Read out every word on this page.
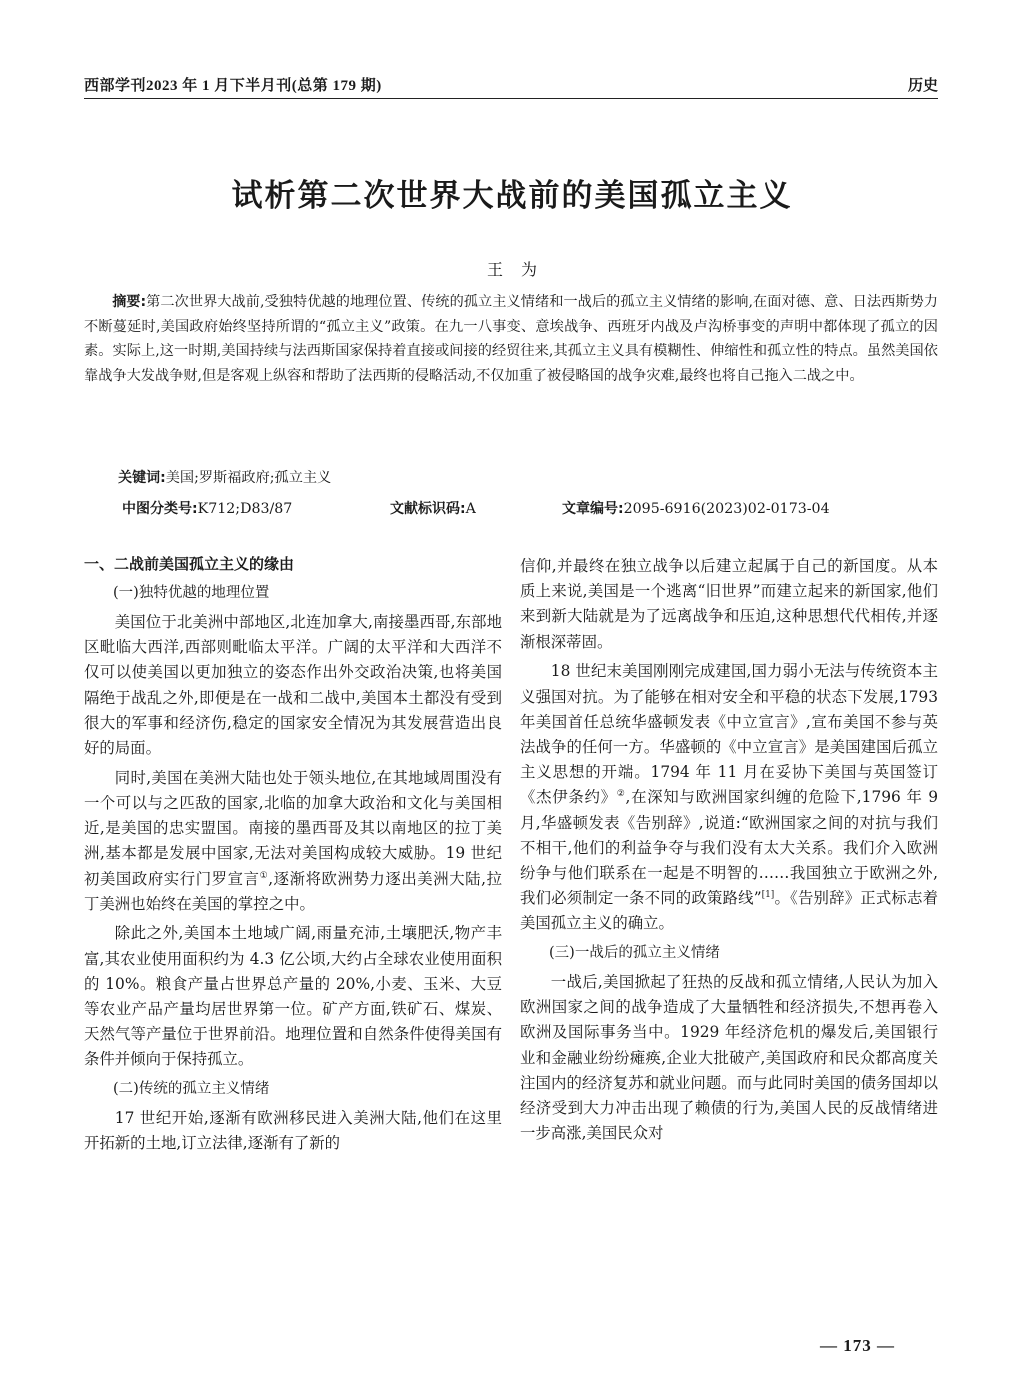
西部学刊2023 年 1 月下半月刊(总第 179 期)	历史
试析第二次世界大战前的美国孤立主义
王为
摘要:第二次世界大战前,受独特优越的地理位置、传统的孤立主义情绪和一战后的孤立主义情绪的影响,在面对德、意、日法西斯势力不断蔓延时,美国政府始终坚持所谓的“孤立主义”政策。在九一八事变、意埃战争、西班牙内战及卢沟桥事变的声明中都体现了孤立的因素。实际上,这一时期,美国持续与法西斯国家保持着直接或间接的经贸往来,其孤立主义具有模糊性、伸缩性和孤立性的特点。虽然美国依靠战争大发战争财,但是客观上纵容和帮助了法西斯的侵略活动,不仅加重了被侵略国的战争灾难,最终也将自己拖入二战之中。
关键词:美国;罗斯福政府;孤立主义
中图分类号:K712;D83/87	文献标识码:A	文章编号:2095-6916(2023)02-0173-04
一、二战前美国孤立主义的缘由
(一)独特优越的地理位置

美国位于北美洲中部地区,北连加拿大,南接墨西哥,东部地区毗临大西洋,西部则毗临太平洋。广阔的太平洋和大西洋不仅可以使美国以更加独立的姿态作出外交政治决策,也将美国隔绝于战乱之外,即便是在一战和二战中,美国本土都没有受到很大的军事和经济伤,稳定的国家安全情况为其发展营造出良好的局面。

同时,美国在美洲大陆也处于领头地位,在其地域周围没有一个可以与之匹敌的国家,北临的加拿大政治和文化与美国相近,是美国的忠实盟国。南接的墨西哥及其以南地区的拉丁美洲,基本都是发展中国家,无法对美国构成较大威胁。19 世纪初美国政府实行门罗宣言①,逐渐将欧洲势力逐出美洲大陆,拉丁美洲也始终在美国的掌控之中。

除此之外,美国本土地域广阔,雨量充沛,土壤肥沃,物产丰富,其农业使用面积约为 4.3 亿公顷,大约占全球农业使用面积的 10%。粮食产量占世界总产量的 20%,小麦、玉米、大豆等农业产品产量均居世界第一位。矿产方面,铁矿石、煤炭、天然气等产量位于世界前沿。地理位置和自然条件使得美国有条件并倾向于保持孤立。

(二)传统的孤立主义情绪

17 世纪开始,逐渐有欧洲移民进入美洲大陆,他们在这里开拓新的土地,订立法律,逐渐有了新的

信仰,并最终在独立战争以后建立起属于自己的新国度。从本质上来说,美国是一个逃离“旧世界”而建立起来的新国家,他们来到新大陆就是为了远离战争和压迫,这种思想代代相传,并逐渐根深蒂固。

18 世纪末美国刚刚完成建国,国力弱小无法与传统资本主义强国对抗。为了能够在相对安全和平稳的状态下发展,1793 年美国首任总统华盛顿发表《中立宣言》,宣布美国不参与英法战争的任何一方。华盛顿的《中立宣言》是美国建国后孤立主义思想的开端。1794 年 11 月在妥协下美国与英国签订《杰伊条约》②,在深知与欧洲国家纠缠的危险下,1796 年 9 月,华盛顿发表《告别辞》,说道:“欧洲国家之间的对抗与我们不相干,他们的利益争夺与我们没有太大关系。我们介入欧洲纷争与他们联系在一起是不明智的……我国独立于欧洲之外,我们必须制定一条不同的政策路线”[1]。《告别辞》正式标志着美国孤立主义的确立。

(三)一战后的孤立主义情绪

一战后,美国掀起了狂热的反战和孤立情绪,人民认为加入欧洲国家之间的战争造成了大量牺牲和经济损失,不想再卷入欧洲及国际事务当中。1929 年经济危机的爆发后,美国银行业和金融业纷纷瘫痪,企业大批破产,美国政府和民众都高度关注国内的经济复苏和就业问题。而与此同时美国的债务国却以经济受到大力冲击出现了赖债的行为,美国人民的反战情绪进一步高涨,美国民众对

— 173 —
